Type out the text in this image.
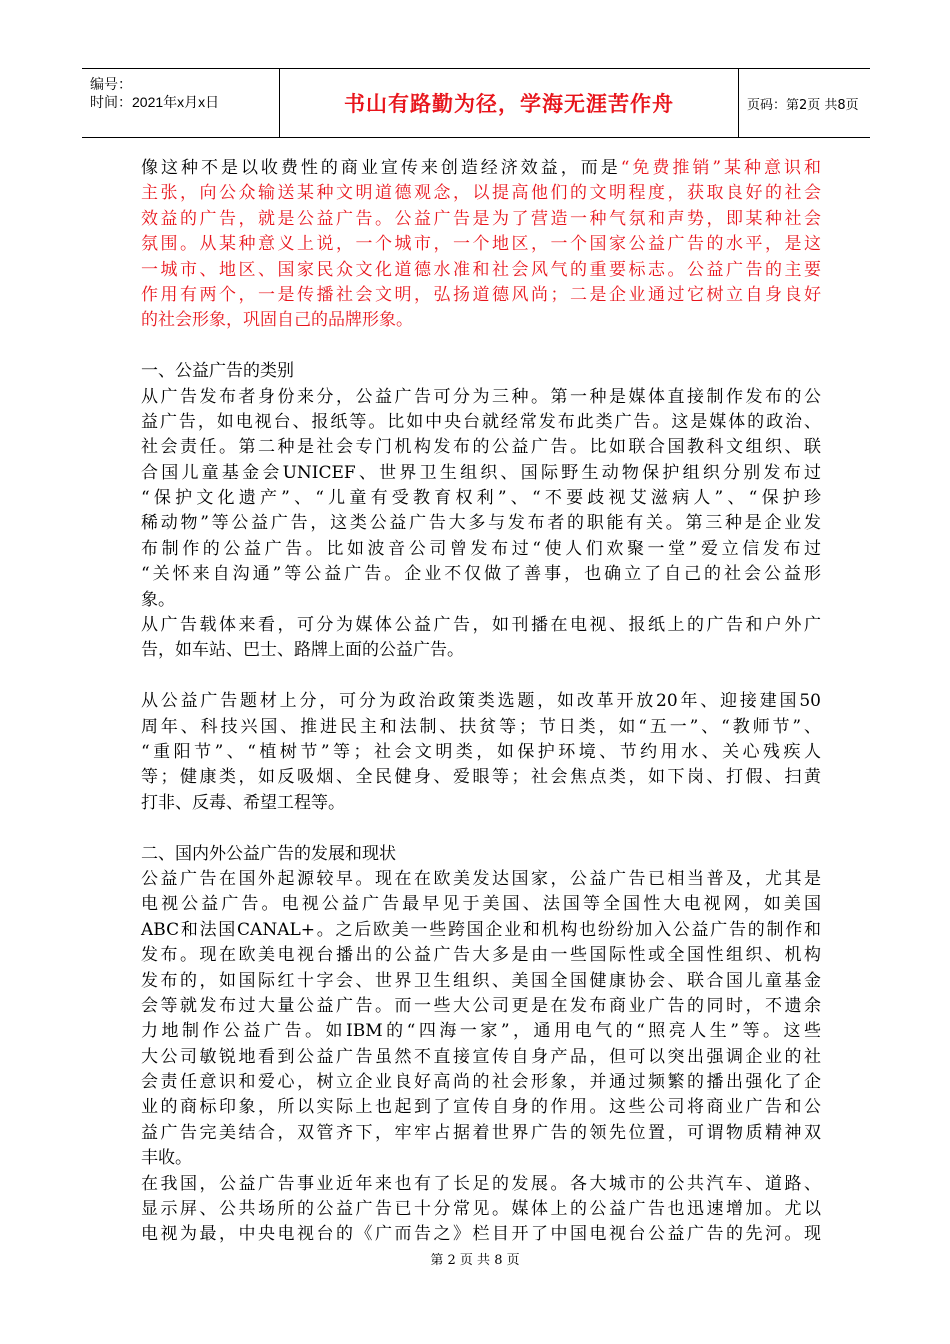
编号：
时间：2021年x月x日	书山有路勤为径，学海无涯苦作舟	页码：第2页 共8页
像这种不是以收费性的商业宣传来创造经济效益，而是“免费推销”某种意识和
主张，向公众输送某种文明道德观念，以提高他们的文明程度，获取良好的社会
效益的广告，就是公益广告。公益广告是为了营造一种气氛和声势，即某种社会
氛围。从某种意义上说，一个城市，一个地区，一个国家公益广告的水平，是这
一城市、地区、国家民众文化道德水准和社会风气的重要标志。公益广告的主要
作用有两个，一是传播社会文明，弘扬道德风尚；二是企业通过它树立自身良好
的社会形象，巩固自己的品牌形象。
一、公益广告的类别
从广告发布者身份来分，公益广告可分为三种。第一种是媒体直接制作发布的公
益广告，如电视台、报纸等。比如中央台就经常发布此类广告。这是媒体的政治、
社会责任。第二种是社会专门机构发布的公益广告。比如联合国教科文组织、联
合国儿童基金会UNICEF、世界卫生组织、国际野生动物保护组织分别发布过
“保护文化遗产”、“儿童有受教育权利”、“不要歧视艾滋病人”、“保护珍
稀动物”等公益广告，这类公益广告大多与发布者的职能有关。第三种是企业发
布制作的公益广告。比如波音公司曾发布过“使人们欢聚一堂”爱立信发布过
“关怀来自沟通”等公益广告。企业不仅做了善事，也确立了自己的社会公益形
象。
从广告载体来看，可分为媒体公益广告，如刊播在电视、报纸上的广告和户外广
告，如车站、巴士、路牌上面的公益广告。
从公益广告题材上分，可分为政治政策类选题，如改革开放20年、迎接建国50
周年、科技兴国、推进民主和法制、扶贫等；节日类，如“五一”、“教师节”、
“重阳节”、“植树节”等；社会文明类，如保护环境、节约用水、关心残疾人
等；健康类，如反吸烟、全民健身、爱眼等；社会焦点类，如下岗、打假、扫黄
打非、反毒、希望工程等。
二、国内外公益广告的发展和现状
公益广告在国外起源较早。现在在欧美发达国家，公益广告已相当普及，尤其是
电视公益广告。电视公益广告最早见于美国、法国等全国性大电视网，如美国
ABC和法国CANAL+。之后欧美一些跨国企业和机构也纷纷加入公益广告的制作和
发布。现在欧美电视台播出的公益广告大多是由一些国际性或全国性组织、机构
发布的，如国际红十字会、世界卫生组织、美国全国健康协会、联合国儿童基金
会等就发布过大量公益广告。而一些大公司更是在发布商业广告的同时，不遗余
力地制作公益广告。如IBM的“四海一家”，通用电气的“照亮人生”等。这些
大公司敏锐地看到公益广告虽然不直接宣传自身产品，但可以突出强调企业的社
会责任意识和爱心，树立企业良好高尚的社会形象，并通过频繁的播出强化了企
业的商标印象，所以实际上也起到了宣传自身的作用。这些公司将商业广告和公
益广告完美结合，双管齐下，牢牢占据着世界广告的领先位置，可谓物质精神双
丰收。
在我国，公益广告事业近年来也有了长足的发展。各大城市的公共汽车、道路、
显示屏、公共场所的公益广告已十分常见。媒体上的公益广告也迅速增加。尤以
电视为最，中央电视台的《广而告之》栏目开了中国电视台公益广告的先河。现
第 2 页 共 8 页
